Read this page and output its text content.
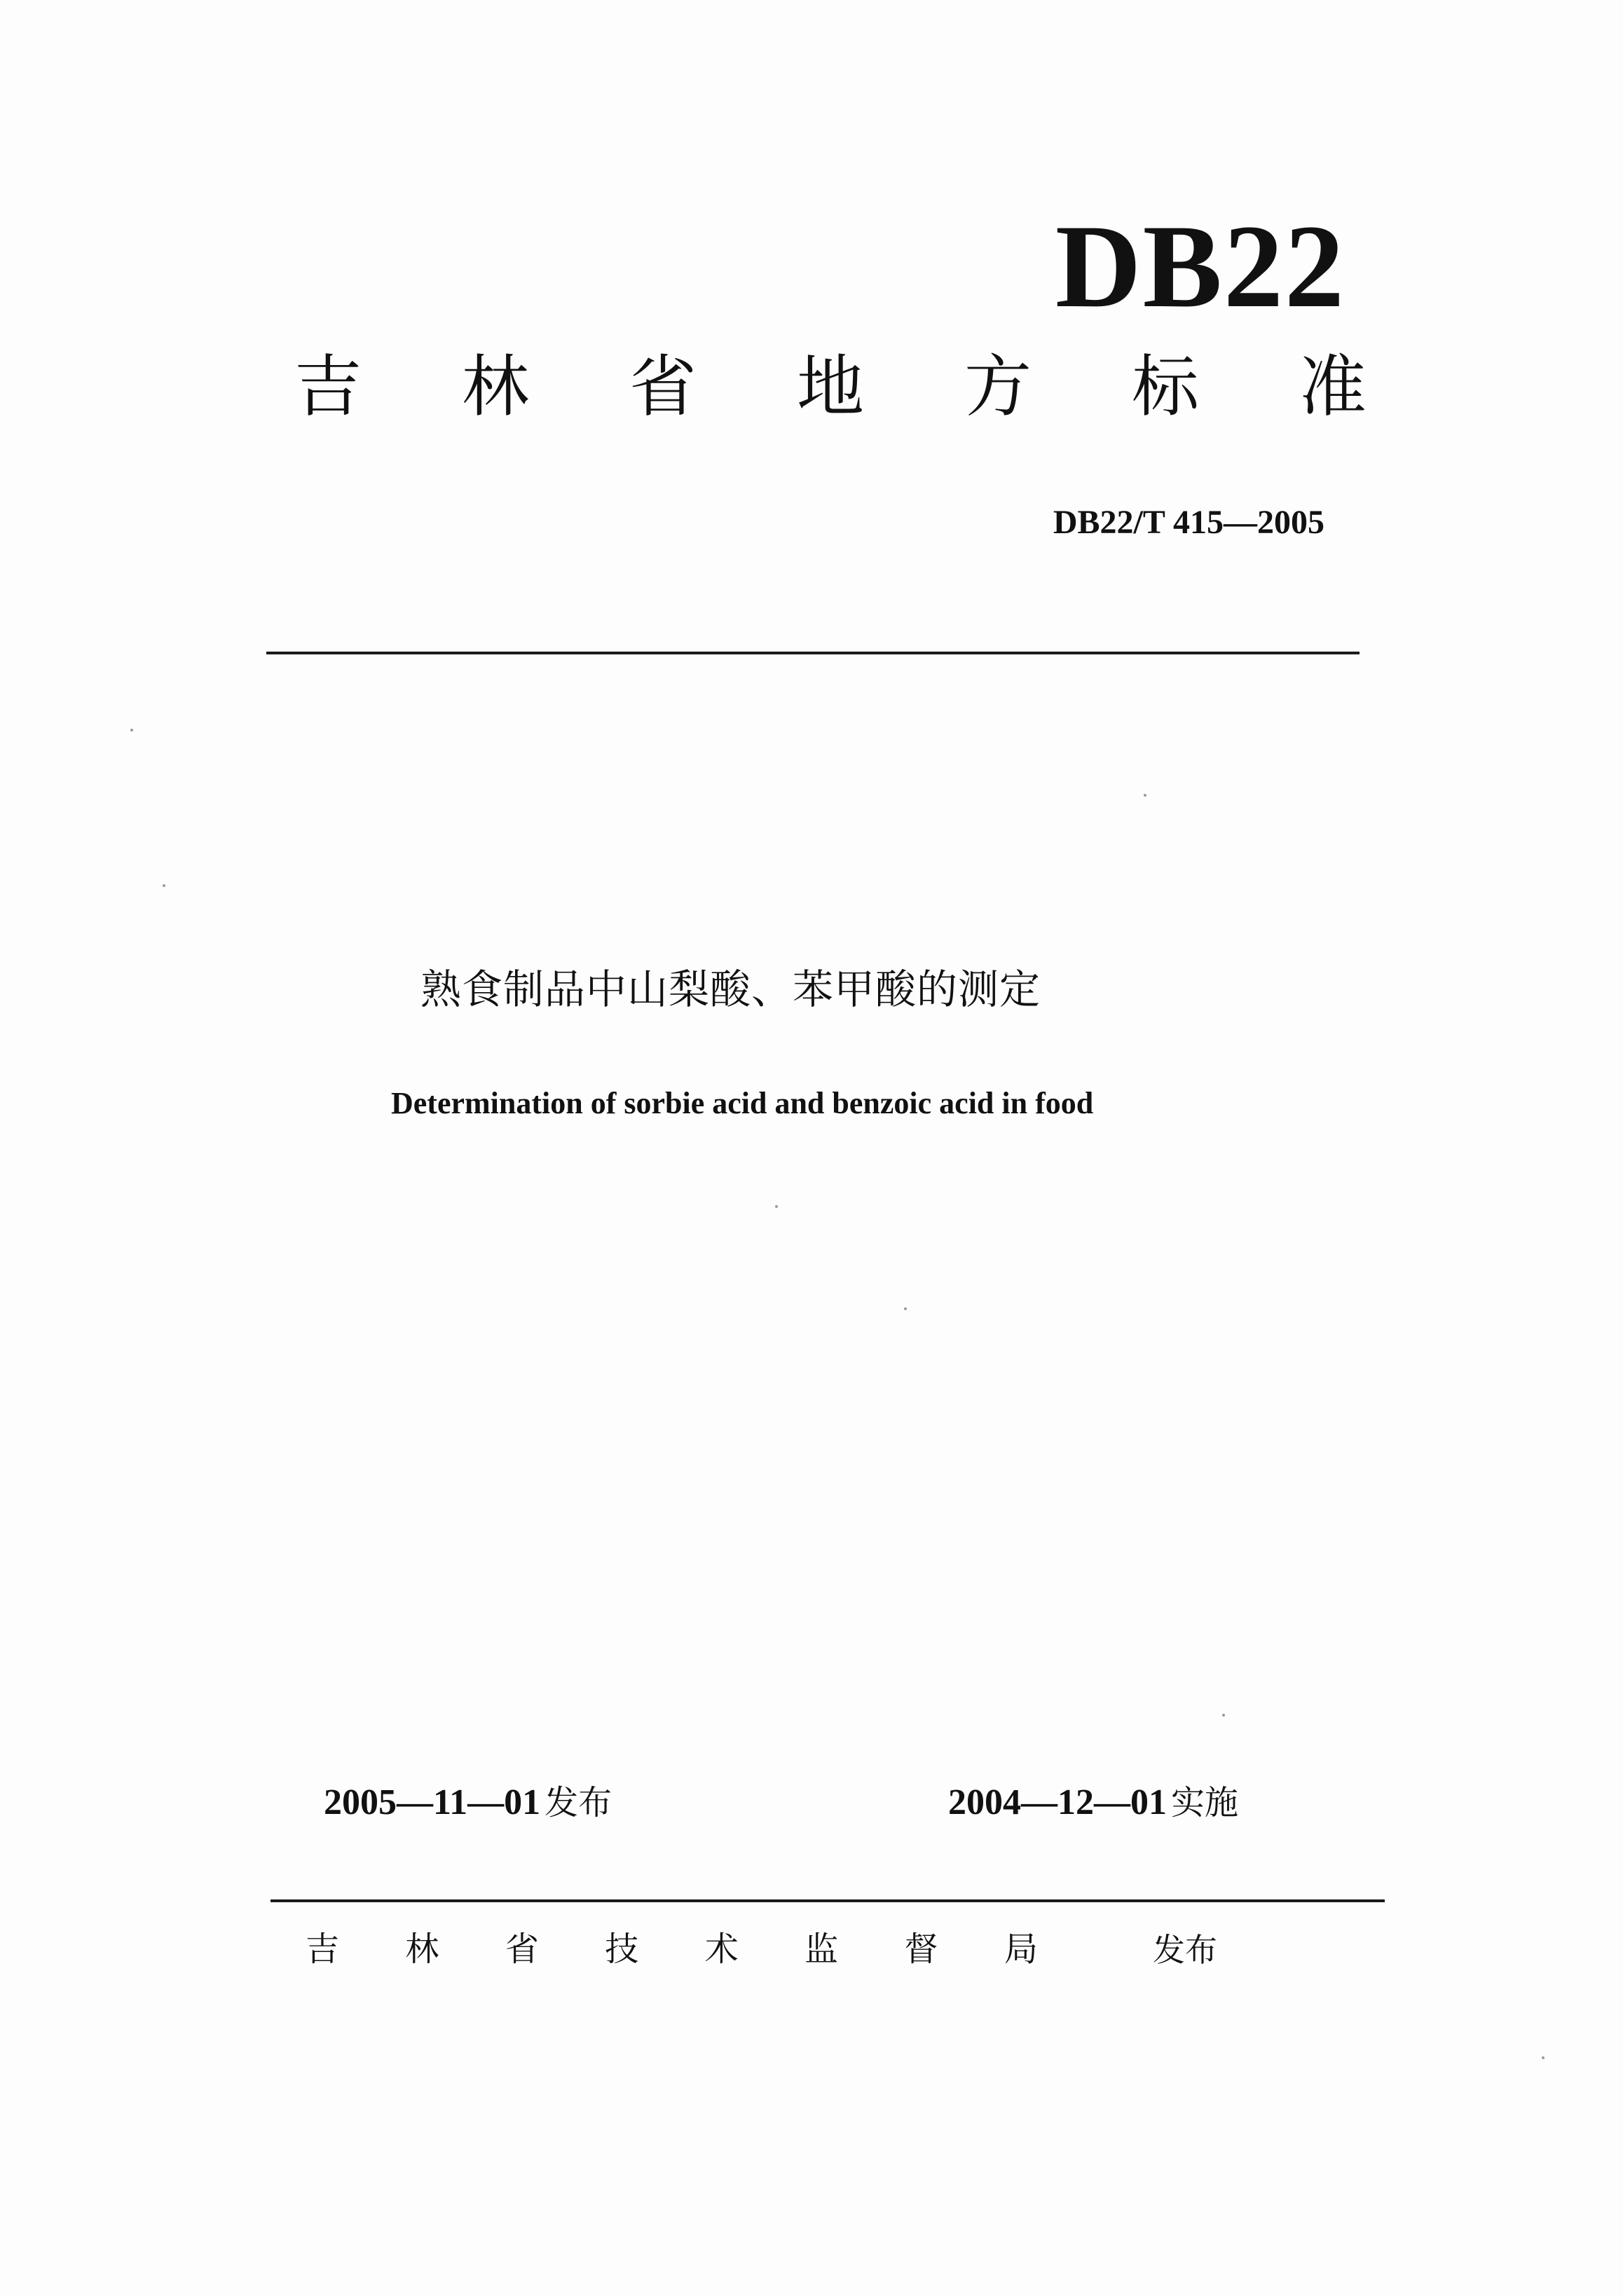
DB22
吉 林 省 地 方 标 准
DB22/T 415—2005
熟食制品中山梨酸、苯甲酸的测定
Determination of sorbie acid and benzoic acid in food
2005—11—01 发布	2004—12—01 实施
吉 林 省 技 术 监 督 局	发布
